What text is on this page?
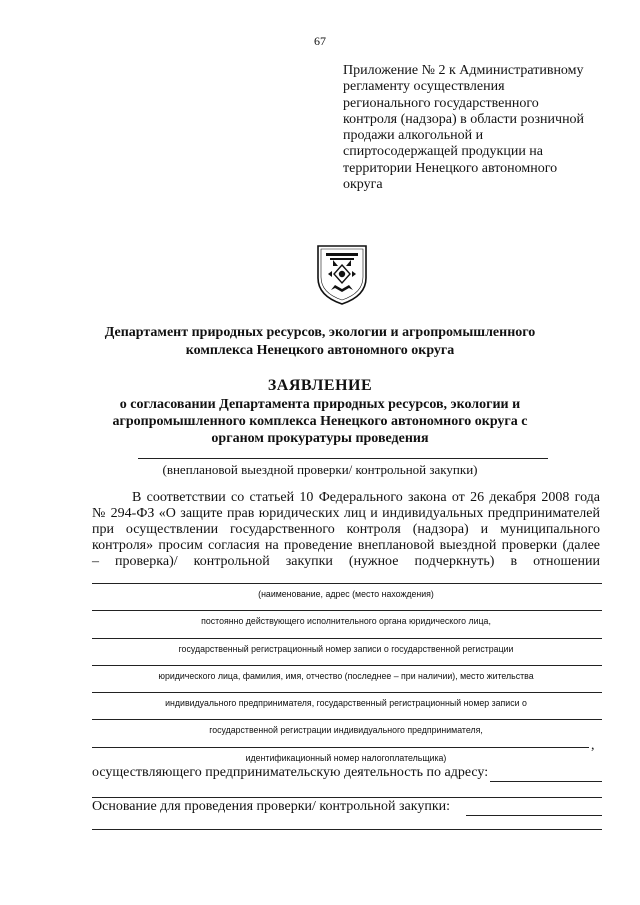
67
Приложение № 2 к Административному
регламенту осуществления
регионального государственного
контроля (надзора) в области розничной
продажи алкогольной и
спиртосодержащей продукции на
территории Ненецкого автономного
округа
Департамент природных ресурсов, экологии и агропромышленного
комплекса Ненецкого автономного округа
ЗАЯВЛЕНИЕ
о согласовании Департамента природных ресурсов, экологии и
агропромышленного комплекса Ненецкого автономного округа с
органом прокуратуры проведения
(внеплановой выездной проверки/ контрольной закупки)
В соответствии со статьей 10 Федерального закона от 26 декабря 2008 года
№ 294-ФЗ «О защите прав юридических лиц и индивидуальных предпринимателей
при осуществлении государственного контроля (надзора) и муниципального
контроля» просим согласия на проведение внеплановой выездной проверки (далее
– проверка)/ контрольной закупки (нужное подчеркнуть) в отношении
(наименование, адрес (место нахождения)
постоянно действующего исполнительного органа юридического лица,
государственный регистрационный номер записи о государственной регистрации
юридического лица, фамилия, имя, отчество (последнее – при наличии), место жительства
индивидуального предпринимателя, государственный регистрационный номер записи о
государственной регистрации индивидуального предпринимателя,
,
идентификационный номер налогоплательщика)
осуществляющего предпринимательскую деятельность по адресу:
Основание для проведения проверки/ контрольной закупки:
